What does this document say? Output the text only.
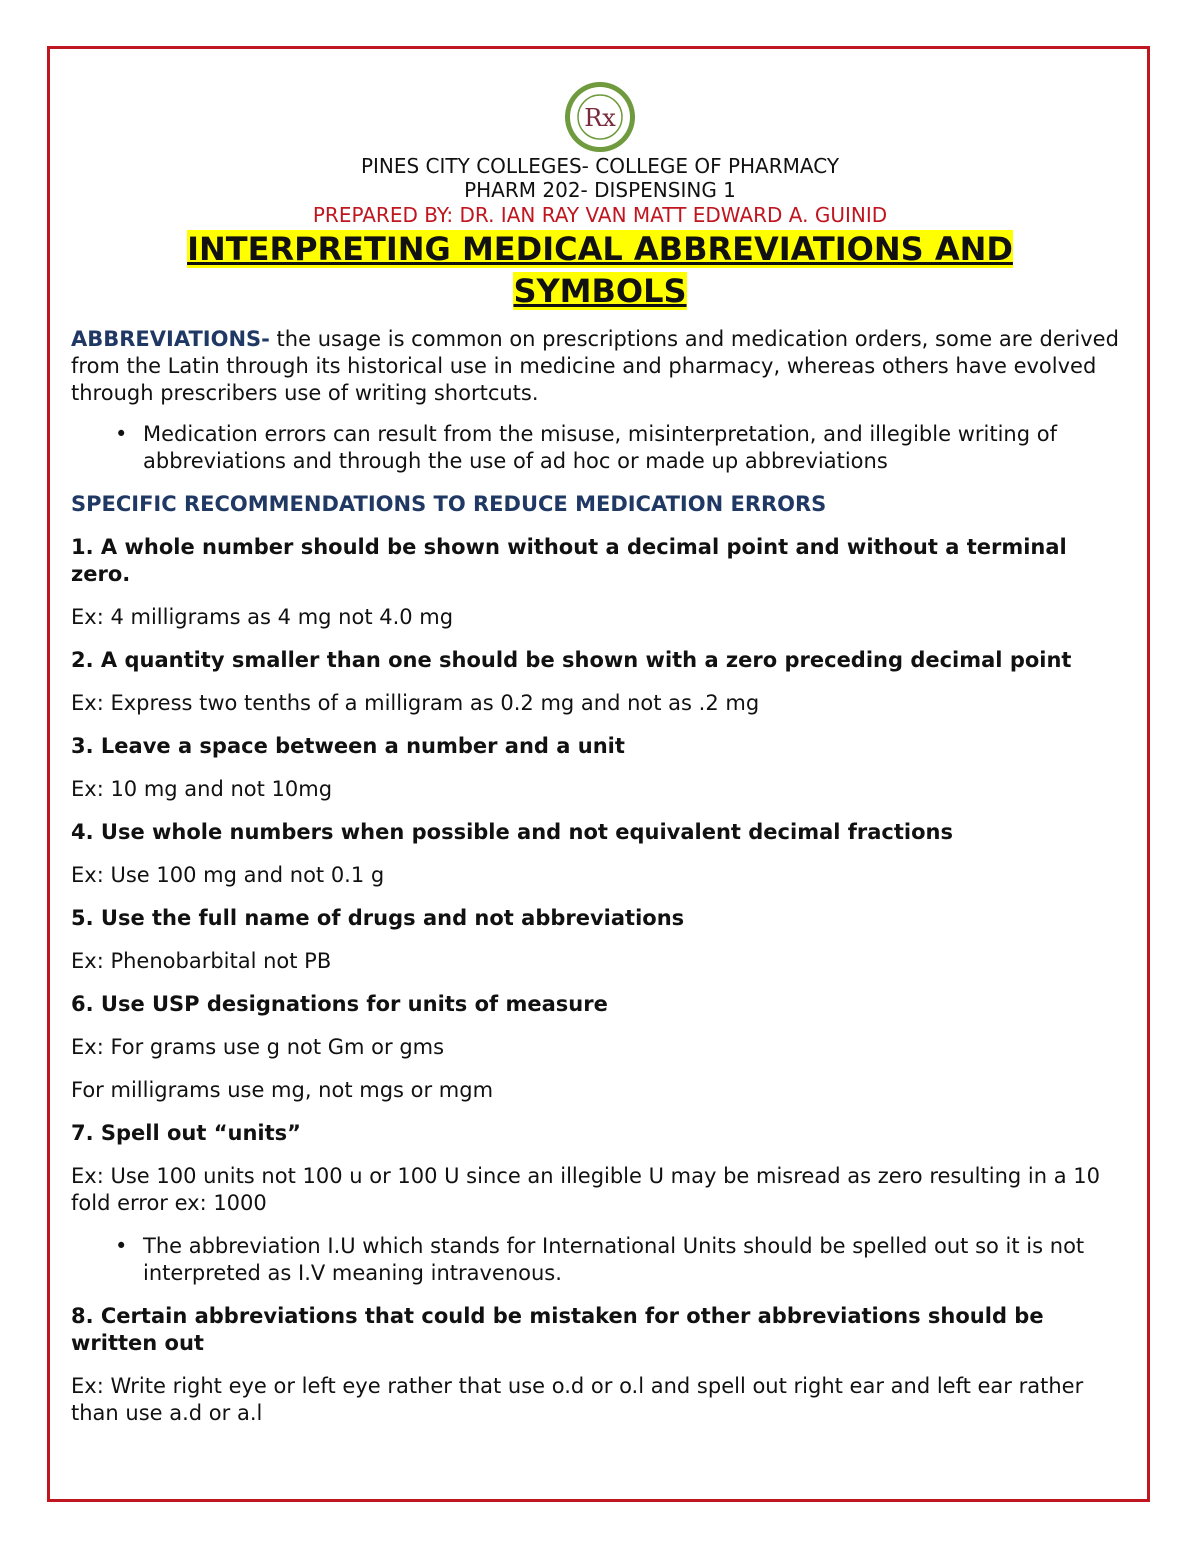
Rx

PINES CITY COLLEGES- COLLEGE OF PHARMACY

PHARM 202- DISPENSING 1

PREPARED BY: DR. IAN RAY VAN MATT EDWARD A. GUINID

INTERPRETING MEDICAL ABBREVIATIONS AND
SYMBOLS

ABBREVIATIONS- the usage is common on prescriptions and medication orders, some are derived from the Latin through its historical use in medicine and pharmacy, whereas others have evolved through prescribers use of writing shortcuts.

• Medication errors can result from the misuse, misinterpretation, and illegible writing of abbreviations and through the use of ad hoc or made up abbreviations

SPECIFIC RECOMMENDATIONS TO REDUCE MEDICATION ERRORS

1. A whole number should be shown without a decimal point and without a terminal zero.

Ex: 4 milligrams as 4 mg not 4.0 mg

2. A quantity smaller than one should be shown with a zero preceding decimal point

Ex: Express two tenths of a milligram as 0.2 mg and not as .2 mg

3. Leave a space between a number and a unit

Ex: 10 mg and not 10mg

4. Use whole numbers when possible and not equivalent decimal fractions

Ex: Use 100 mg and not 0.1 g

5. Use the full name of drugs and not abbreviations

Ex: Phenobarbital not PB

6. Use USP designations for units of measure

Ex: For grams use g not Gm or gms

For milligrams use mg, not mgs or mgm

7. Spell out “units”

Ex: Use 100 units not 100 u or 100 U since an illegible U may be misread as zero resulting in a 10 fold error ex: 1000

• The abbreviation I.U which stands for International Units should be spelled out so it is not interpreted as I.V meaning intravenous.

8. Certain abbreviations that could be mistaken for other abbreviations should be written out

Ex: Write right eye or left eye rather that use o.d or o.l and spell out right ear and left ear rather than use a.d or a.l
